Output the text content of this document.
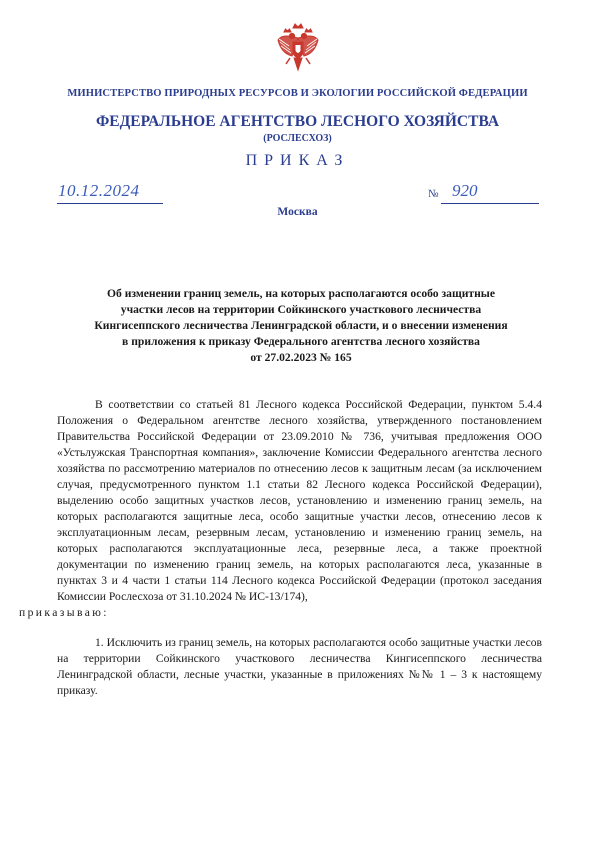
МИНИСТЕРСТВО ПРИРОДНЫХ РЕСУРСОВ И ЭКОЛОГИИ РОССИЙСКОЙ ФЕДЕРАЦИИ
ФЕДЕРАЛЬНОЕ АГЕНТСТВО ЛЕСНОГО ХОЗЯЙСТВА
(РОСЛЕСХОЗ)
ПРИКАЗ
10.12.2024	№ 920
Москва
Об изменении границ земель, на которых располагаются особо защитные
участки лесов на территории Сойкинского участкового лесничества
Кингисеппского лесничества Ленинградской области, и о внесении изменения
в приложения к приказу Федерального агентства лесного хозяйства
от 27.02.2023 № 165

В соответствии со статьей 81 Лесного кодекса Российской Федерации, пунктом 5.4.4 Положения о Федеральном агентстве лесного хозяйства, утвержденного постановлением Правительства Российской Федерации от 23.09.2010 № 736, учитывая предложения ООО «Устьлужская Транспортная компания», заключение Комиссии Федерального агентства лесного хозяйства по рассмотрению материалов по отнесению лесов к защитным лесам (за исключением случая, предусмотренного пунктом 1.1 статьи 82 Лесного кодекса Российской Федерации), выделению особо защитных участков лесов, установлению и изменению границ земель, на которых располагаются защитные леса, особо защитные участки лесов, отнесению лесов к эксплуатационным лесам, резервным лесам, установлению и изменению границ земель, на которых располагаются эксплуатационные леса, резервные леса, а также проектной документации по изменению границ земель, на которых располагаются леса, указанные в пунктах 3 и 4 части 1 статьи 114 Лесного кодекса Российской Федерации (протокол заседания Комиссии Рослесхоза от 31.10.2024 № ИС-13/174),
приказываю:

1. Исключить из границ земель, на которых располагаются особо защитные участки лесов на территории Сойкинского участкового лесничества Кингисеппского лесничества Ленинградской области, лесные участки, указанные в приложениях №№ 1 – 3 к настоящему приказу.
